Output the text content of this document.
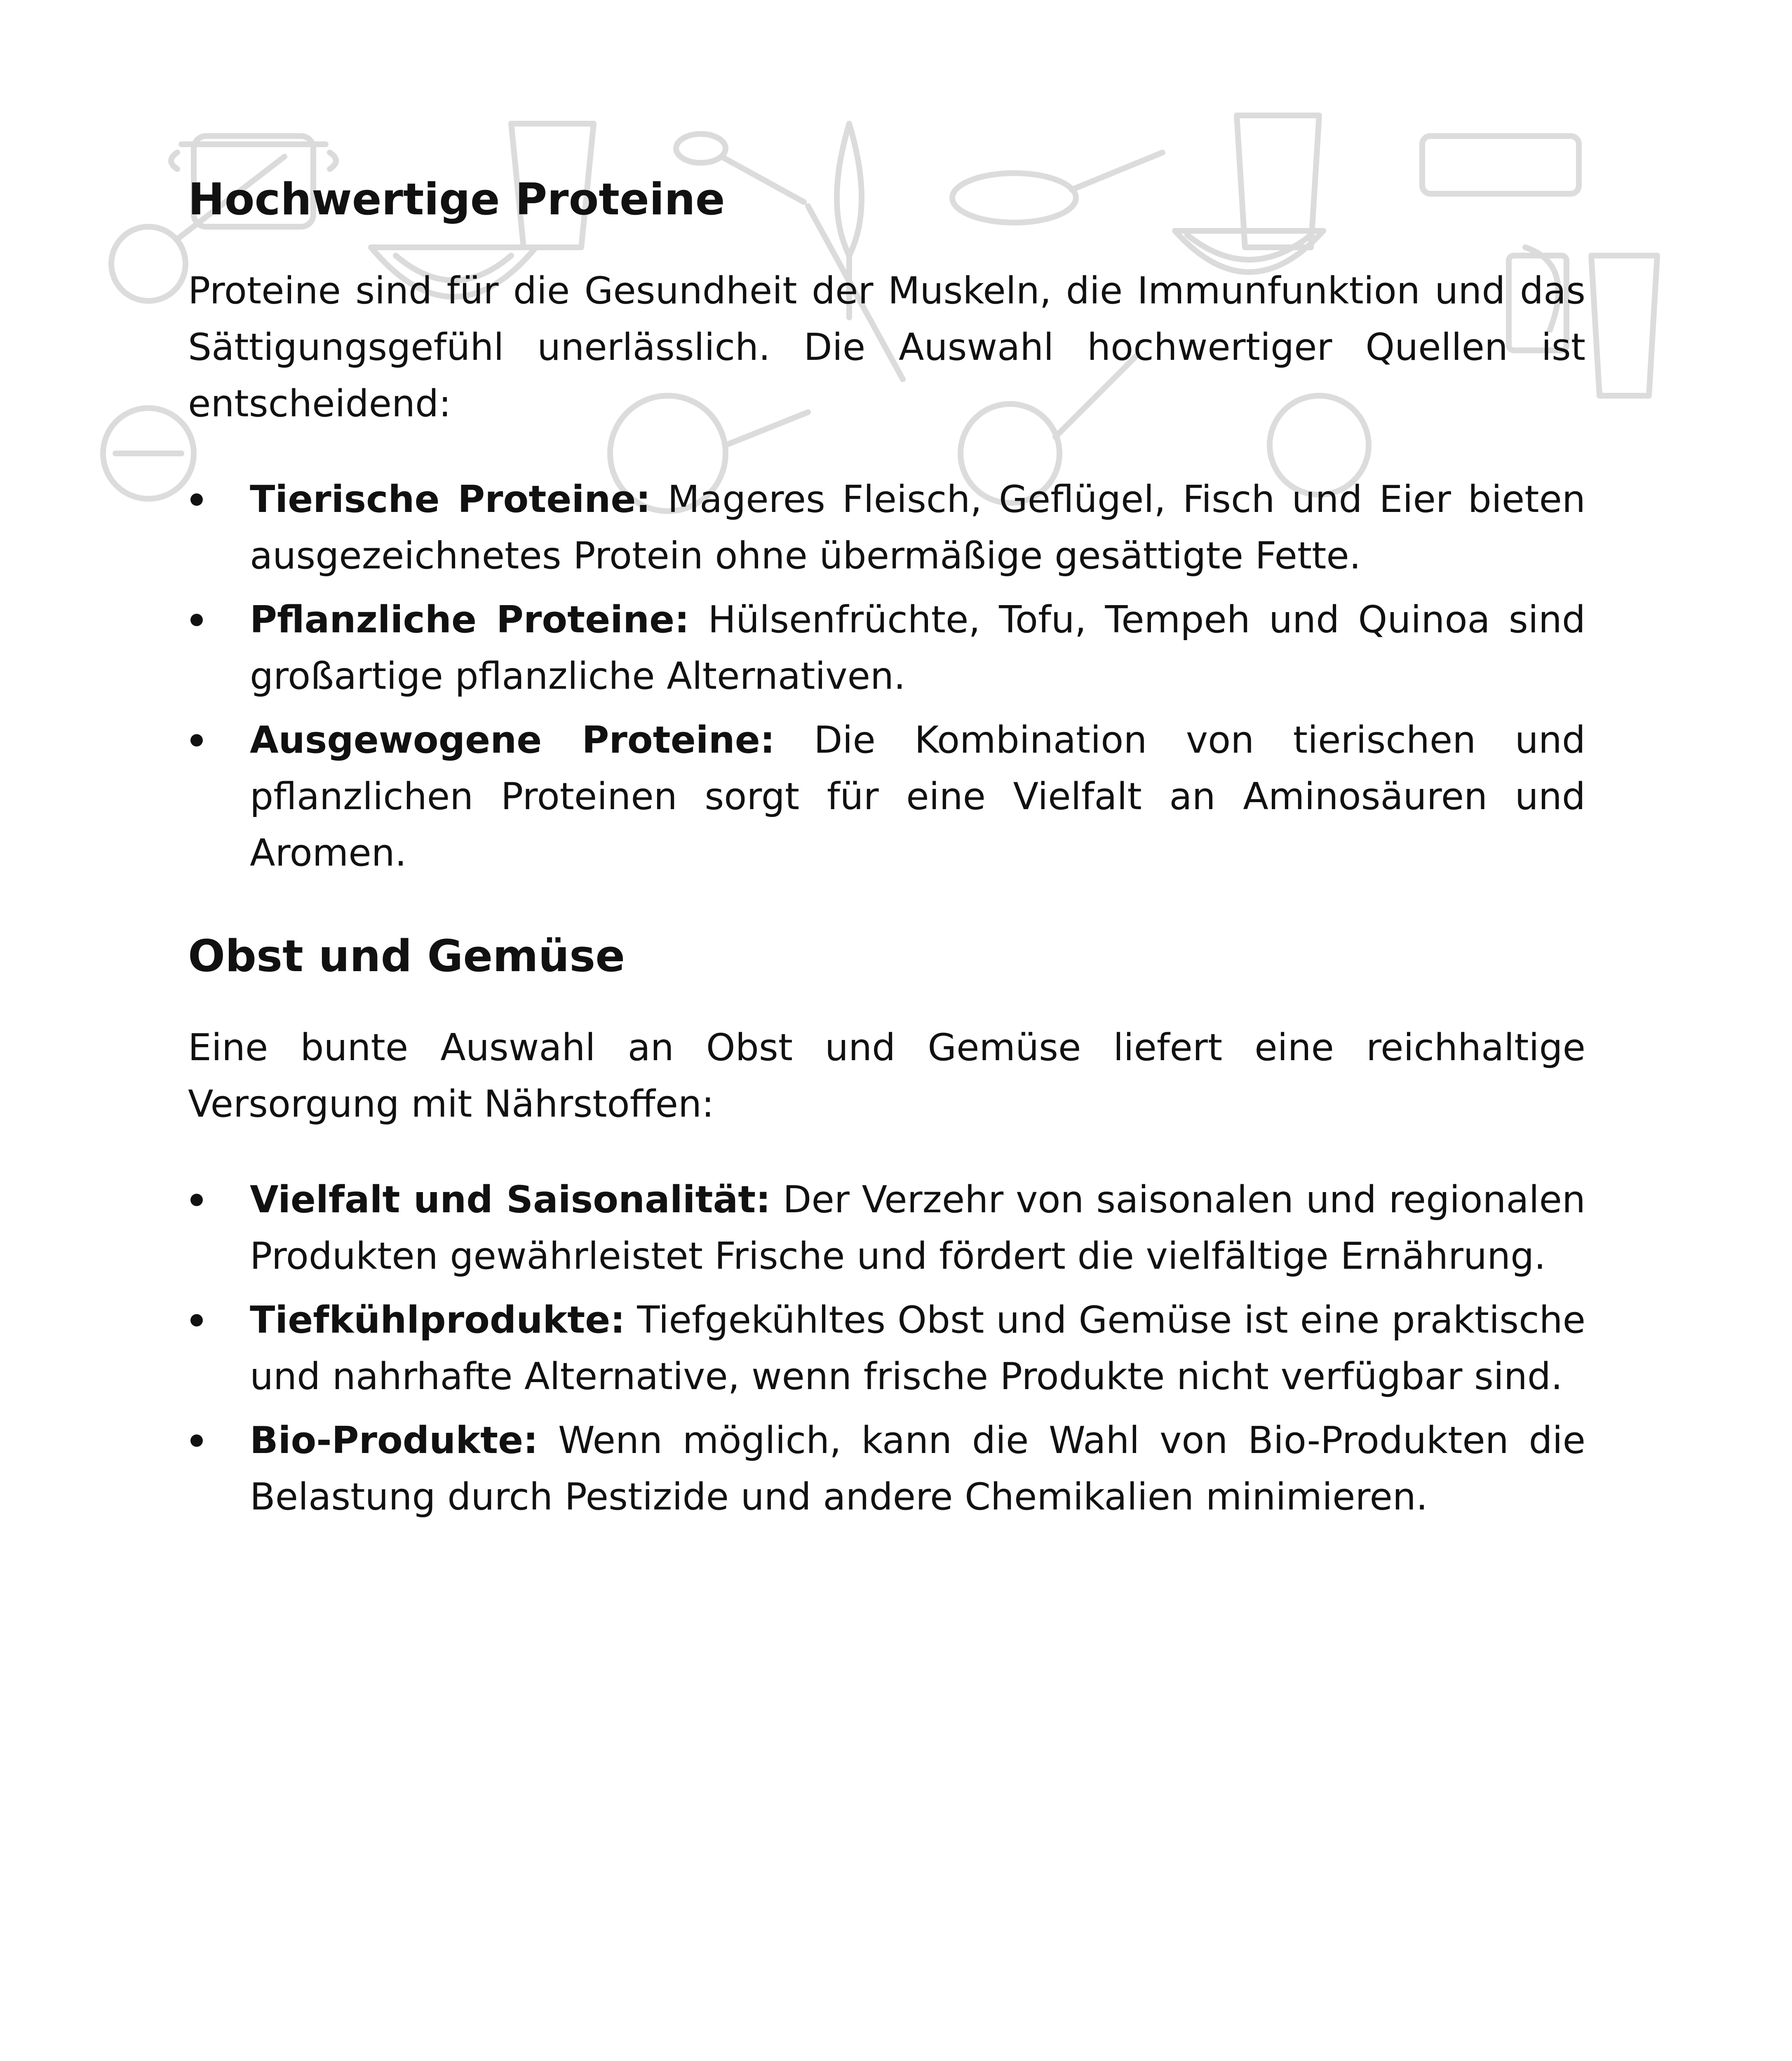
Hochwertige Proteine

Proteine sind für die Gesundheit der Muskeln, die Immunfunktion und das Sättigungsgefühl unerlässlich. Die Auswahl hochwertiger Quellen ist entscheidend:

Tierische Proteine: Mageres Fleisch, Geflügel, Fisch und Eier bieten ausgezeichnetes Protein ohne übermäßige gesättigte Fette.
Pflanzliche Proteine: Hülsenfrüchte, Tofu, Tempeh und Quinoa sind großartige pflanzliche Alternativen.
Ausgewogene Proteine: Die Kombination von tierischen und pflanzlichen Proteinen sorgt für eine Vielfalt an Aminosäuren und Aromen.
Obst und Gemüse

Eine bunte Auswahl an Obst und Gemüse liefert eine reichhaltige Versorgung mit Nährstoffen:

Vielfalt und Saisonalität: Der Verzehr von saisonalen und regionalen Produkten gewährleistet Frische und fördert die vielfältige Ernährung.
Tiefkühlprodukte: Tiefgekühltes Obst und Gemüse ist eine praktische und nahrhafte Alternative, wenn frische Produkte nicht verfügbar sind.
Bio-Produkte: Wenn möglich, kann die Wahl von Bio-Produkten die Belastung durch Pestizide und andere Chemikalien minimieren.
